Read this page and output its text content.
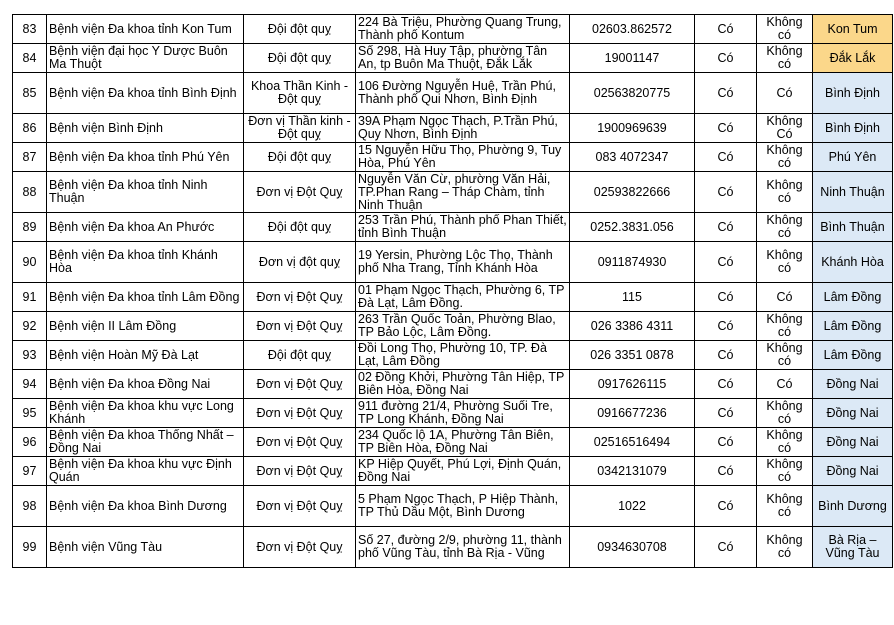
83	Bệnh viện Đa khoa tỉnh Kon Tum	Đội đột quỵ	224 Bà Triệu, Phường Quang Trung, Thành phố Kontum	02603.862572	Có	Không có	Kon Tum
84	Bệnh viện đại học Y Dược Buôn Ma Thuột	Đội đột quỵ	Số 298, Hà Huy Tập, phường Tân An, tp Buôn Ma Thuột, Đắk Lắk	19001147	Có	Không có	Đắk Lắk
85	Bệnh viện Đa khoa tỉnh Bình Định	Khoa Thần Kinh - Đột quỵ	106 Đường Nguyễn Huệ, Trần Phú, Thành phố Qui Nhơn, Bình Định	02563820775	Có	Có	Bình Định
86	Bệnh viện Bình Định	Đơn vị Thần kinh - Đột quỵ	39A Phạm Ngọc Thạch, P.Trần Phú, Quy Nhơn, Bình Định	1900969639	Có	Không Có	Bình Định
87	Bệnh viện Đa khoa tỉnh Phú Yên	Đội đột quỵ	15 Nguyễn Hữu Thọ, Phường 9, Tuy Hòa, Phú Yên	083 4072347	Có	Không có	Phú Yên
88	Bệnh viện Đa khoa tỉnh Ninh Thuận	Đơn vị Đột Quỵ	Nguyễn Văn Cừ, phường Văn Hải, TP.Phan Rang – Tháp Chàm, tỉnh Ninh Thuận	02593822666	Có	Không có	Ninh Thuận
89	Bệnh viện Đa khoa An Phước	Đội đột quỵ	253 Trần Phú, Thành phố Phan Thiết, tỉnh Bình Thuận	0252.3831.056	Có	Không có	Bình Thuận
90	Bệnh viện Đa khoa tỉnh Khánh Hòa	Đơn vị đột quỵ	19 Yersin, Phường Lộc Thọ, Thành phố Nha Trang, Tỉnh Khánh Hòa	0911874930	Có	Không có	Khánh Hòa
91	Bệnh viện Đa khoa tỉnh Lâm Đồng	Đơn vị Đột Quỵ	01 Phạm Ngọc Thạch, Phường 6, TP Đà Lạt, Lâm Đồng.	115	Có	Có	Lâm Đồng
92	Bệnh viện II Lâm Đồng	Đơn vị Đột Quỵ	263 Trần Quốc Toản, Phường Blao, TP Bảo Lộc, Lâm Đồng.	026 3386 4311	Có	Không có	Lâm Đồng
93	Bệnh viện Hoàn Mỹ Đà Lạt	Đội đột quỵ	Đồi Long Thọ, Phường 10, TP. Đà Lạt, Lâm Đồng	026 3351 0878	Có	Không có	Lâm Đồng
94	Bệnh viện Đa khoa Đồng Nai	Đơn vị Đột Quỵ	02 Đồng Khởi, Phường Tân Hiệp, TP Biên Hòa, Đồng Nai	0917626115	Có	Có	Đồng Nai
95	Bệnh viện Đa khoa khu vực Long Khánh	Đơn vị Đột Quỵ	911 đường 21/4, Phường Suối Tre, TP Long Khánh, Đồng Nai	0916677236	Có	Không có	Đồng Nai
96	Bệnh viện Đa khoa Thống Nhất – Đồng Nai	Đơn vị Đột Quỵ	234 Quốc lộ 1A, Phường Tân Biên, TP Biên Hòa, Đồng Nai	02516516494	Có	Không có	Đồng Nai
97	Bệnh viện Đa khoa khu vực Định Quán	Đơn vị Đột Quỵ	KP Hiệp Quyết, Phú Lợi, Định Quán, Đồng Nai	0342131079	Có	Không có	Đồng Nai
98	Bệnh viện Đa khoa Bình Dương	Đơn vị Đột Quỵ	5 Phạm Ngọc Thạch, P Hiệp Thành, TP Thủ Dầu Một, Bình Dương	1022	Có	Không có	Bình Dương
99	Bệnh viện Vũng Tàu	Đơn vị Đột Quỵ	Số 27, đường 2/9, phường 11, thành phố Vũng Tàu, tỉnh Bà Rịa - Vũng	0934630708	Có	Không có	Bà Rịa – Vũng Tàu
